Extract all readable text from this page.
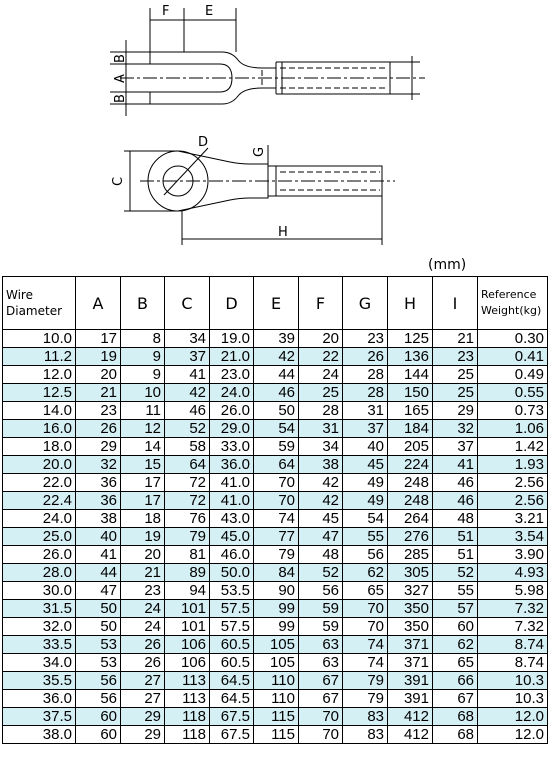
F	E
B
A
B
D
G
C
H
(mm)
Wire
Diameter	A	B	C	D	E	F	G	H	I	Reference
Weight(kg)
10.0	17	8	34	19.0	39	20	23	125	21	0.30
11.2	19	9	37	21.0	42	22	26	136	23	0.41
12.0	20	9	41	23.0	44	24	28	144	25	0.49
12.5	21	10	42	24.0	46	25	28	150	25	0.55
14.0	23	11	46	26.0	50	28	31	165	29	0.73
16.0	26	12	52	29.0	54	31	37	184	32	1.06
18.0	29	14	58	33.0	59	34	40	205	37	1.42
20.0	32	15	64	36.0	64	38	45	224	41	1.93
22.0	36	17	72	41.0	70	42	49	248	46	2.56
22.4	36	17	72	41.0	70	42	49	248	46	2.56
24.0	38	18	76	43.0	74	45	54	264	48	3.21
25.0	40	19	79	45.0	77	47	55	276	51	3.54
26.0	41	20	81	46.0	79	48	56	285	51	3.90
28.0	44	21	89	50.0	84	52	62	305	52	4.93
30.0	47	23	94	53.5	90	56	65	327	55	5.98
31.5	50	24	101	57.5	99	59	70	350	57	7.32
32.0	50	24	101	57.5	99	59	70	350	60	7.32
33.5	53	26	106	60.5	105	63	74	371	62	8.74
34.0	53	26	106	60.5	105	63	74	371	65	8.74
35.5	56	27	113	64.5	110	67	79	391	66	10.3
36.0	56	27	113	64.5	110	67	79	391	67	10.3
37.5	60	29	118	67.5	115	70	83	412	68	12.0
38.0	60	29	118	67.5	115	70	83	412	68	12.0
